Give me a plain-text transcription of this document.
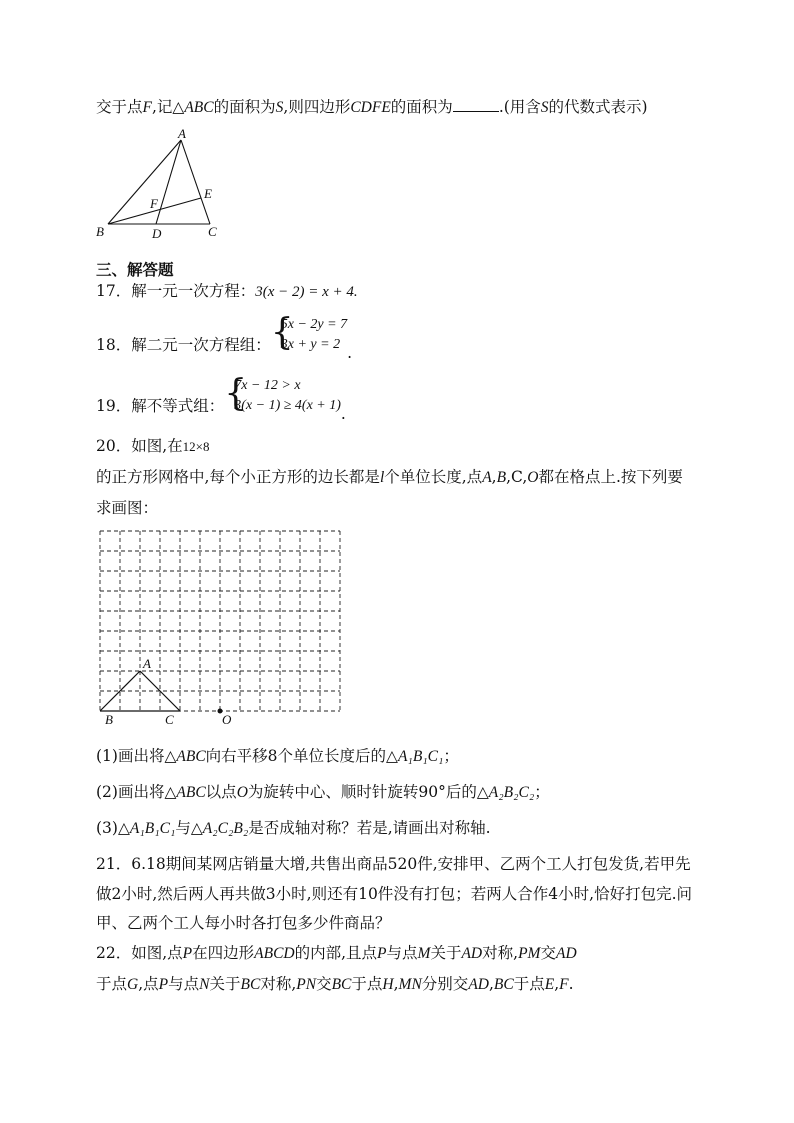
交于点F,记△ABC的面积为S,则四边形CDFE的面积为	.(用含S的代数式表示)
A
B	C
D
E
F
三、解答题
17．解一元一次方程：3(x − 2) = x + 4.
18．解二元一次方程组： {
5x − 2y = 7
3x + y = 2 .
19．解不等式组： {
7x − 12 > x
3(x − 1) ≥ 4(x + 1) .
20．如图,在12×8
的正方形网格中,每个小正方形的边长都是l个单位长度,点A,B,C,O都在格点上.按下列要
求画图：
A
B	C	O
(1)画出将△ABC向右平移8个单位长度后的△A₁B₁C₁；
(2)画出将△ABC以点O为旋转中心、顺时针旋转90°后的△A₂B₂C₂；
(3)△A₁B₁C₁与△A₂C₂B₂是否成轴对称？若是,请画出对称轴.
21．6.18期间某网店销量大增,共售出商品520件,安排甲、乙两个工人打包发货,若甲先
做2小时,然后两人再共做3小时,则还有10件没有打包；若两人合作4小时,恰好打包完.问
甲、乙两个工人每小时各打包多少件商品？
22．如图,点P在四边形ABCD的内部,且点P与点M关于AD对称,PM交AD
于点G,点P与点N关于BC对称,PN交BC于点H,MN分别交AD,BC于点E,F.
